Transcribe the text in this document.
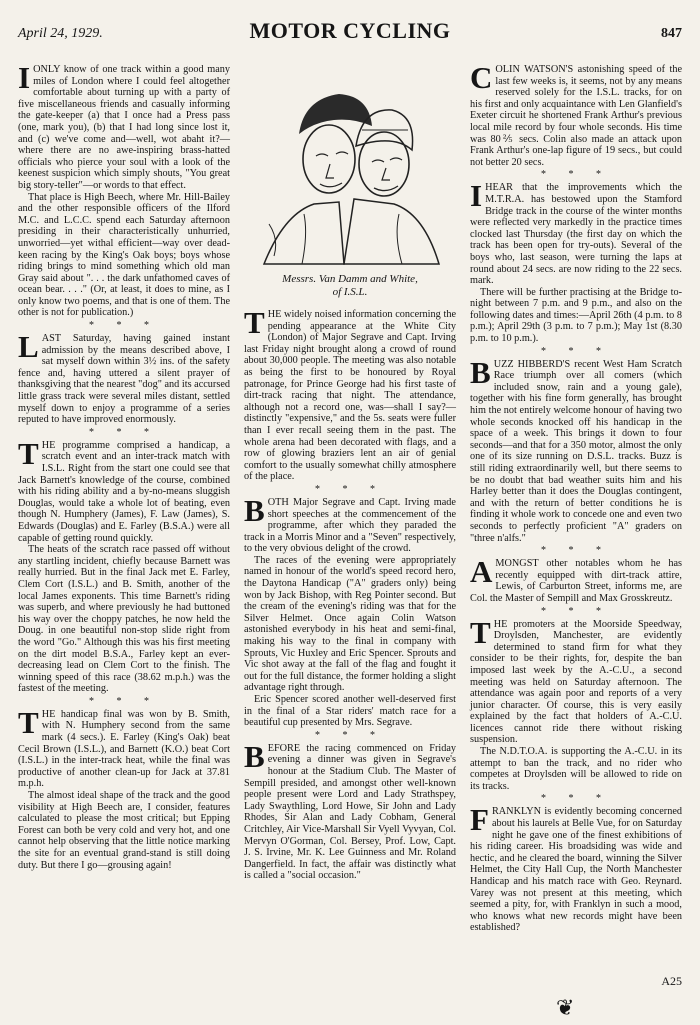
April 24, 1929.	MOTOR CYCLING	847

IONLY know of one track within a good many miles of London where I could feel altogether comfortable about turning up with a party of five miscellaneous friends and casually informing the gate-keeper (a) that I once had a Press pass (one, mark you), (b) that I had long since lost it, and (c) we've come and—well, wot abaht it?—where there are no awe-inspiring brass-hatted officials who pierce your soul with a look of the keenest suspicion which simply shouts, "You great big story-teller"—or words to that effect.

That place is High Beech, where Mr. Hill-Bailey and the other responsible officers of the Ilford M.C. and L.C.C. spend each Saturday afternoon presiding in their characteristically unhurried, unworried—yet withal efficient—way over dead-keen racing by the King's Oak boys; boys whose riding brings to mind something which old man Gray said about ". . . the dark unfathomed caves of ocean bear. . . ." (Or, at least, it does to mine, as I only know two poems, and that is one of them. The other is not for publication.)

* * *

LAST Saturday, having gained instant admission by the means described above, I sat myself down within 3½ ins. of the safety fence and, having uttered a silent prayer of thanksgiving that the nearest "dog" and its accursed little grass track were several miles distant, settled myself down to enjoy a programme of a series reputed to have improved enormously.

* * *

THE programme comprised a handicap, a scratch event and an inter-track match with I.S.L. Right from the start one could see that Jack Barnett's knowledge of the course, combined with his riding ability and a by-no-means sluggish Douglas, would take a whole lot of beating, even though N. Humphery (James), F. Law (James), S. Edwards (Douglas) and E. Farley (B.S.A.) were all capable of getting round quickly.

The heats of the scratch race passed off without any startling incident, chiefly because Barnett was really hurried. But in the final Jack met E. Farley, Clem Cort (I.S.L.) and B. Smith, another of the local James exponents. This time Barnett's riding was superb, and where previously he had buttoned his way over the choppy patches, he now held the Doug. in one beautiful non-stop slide right from the word "Go." Although this was his first meeting on the dirt model B.S.A., Farley kept an ever-decreasing lead on Clem Cort to the finish. The winning speed of this race (38.62 m.p.h.) was the fastest of the meeting.

* * *

THE handicap final was won by B. Smith, with N. Humphery second from the same mark (4 secs.). E. Farley (King's Oak) beat Cecil Brown (I.S.L.), and Barnett (K.O.) beat Cort (I.S.L.) in the inter-track heat, while the final was productive of another clean-up for Jack at 37.81 m.p.h.

The almost ideal shape of the track and the good visibility at High Beech are, I consider, features calculated to please the most critical; but Epping Forest can both be very cold and very hot, and one cannot help observing that the little notice marking the site for an eventual grand-stand is still doing duty. But there I go—grousing again!

Messrs. Van Damm and White,
of I.S.L.

THE widely noised information concerning the pending appearance at the White City (London) of Major Segrave and Capt. Irving last Friday night brought along a crowd of round about 30,000 people. The meeting was also notable as being the first to be honoured by Royal patronage, for Prince George had his first taste of dirt-track racing that night. The attendance, although not a record one, was—shall I say?—distinctly "expensive," and the 5s. seats were fuller than I ever recall seeing them in the past. The whole arena had been decorated with flags, and a row of glowing braziers lent an air of genial comfort to the usually somewhat chilly atmosphere of the place.

* * *

BOTH Major Segrave and Capt. Irving made short speeches at the commencement of the programme, after which they paraded the track in a Morris Minor and a "Seven" respectively, to the very obvious delight of the crowd.

The races of the evening were appropriately named in honour of the world's speed record hero, the Daytona Handicap ("A" graders only) being won by Jack Bishop, with Reg Pointer second. But the cream of the evening's riding was that for the Silver Helmet. Once again Colin Watson astonished everybody in his heat and semi-final, making his way to the final in company with Sprouts, Vic Huxley and Eric Spencer. Sprouts and Vic shot away at the fall of the flag and fought it out for the full distance, the former holding a slight advantage right through.

Eric Spencer scored another well-deserved first in the final of a Star riders' match race for a beautiful cup presented by Mrs. Segrave.

* * *

BEFORE the racing commenced on Friday evening a dinner was given in Segrave's honour at the Stadium Club. The Master of Sempill presided, and amongst other well-known people present were Lord and Lady Strathspey, Lady Swaythling, Lord Howe, Sir John and Lady Rhodes, Sir Alan and Lady Cobham, General Critchley, Air Vice-Marshall Sir Vyell Vyvyan, Col. Mervyn O'Gorman, Col. Bersey, Prof. Low, Capt. J. S. Irvine, Mr. K. Lee Guinness and Mr. Roland Dangerfield. In fact, the affair was distinctly what is called a "social occasion."

COLIN WATSON'S astonishing speed of the last few weeks is, it seems, not by any means reserved solely for the I.S.L. tracks, for on his first and only acquaintance with Len Glanfield's Exeter circuit he shortened Frank Arthur's previous local mile record by four whole seconds. His time was 80⅖ secs. Colin also made an attack upon Frank Arthur's one-lap figure of 19 secs., but could not better 20 secs.

* * *

IHEAR that the improvements which the M.T.R.A. has bestowed upon the Stamford Bridge track in the course of the winter months were reflected very markedly in the practice times clocked last Thursday (the first day on which the track has been open for try-outs). Several of the boys who, last season, were turning the laps at round about 24 secs. are now riding to the 22 secs. mark.

There will be further practising at the Bridge to-night between 7 p.m. and 9 p.m., and also on the following dates and times:—April 26th (4 p.m. to 8 p.m.); April 29th (3 p.m. to 7 p.m.); May 1st (8.30 p.m. to 10 p.m.).

* * *

BUZZ HIBBERD'S recent West Ham Scratch Race triumph over all comers (which included snow, rain and a young gale), together with his fine form generally, has brought him the not entirely welcome honour of having two whole seconds knocked off his handicap in the space of a week. This brings it down to four seconds—and that for a 350 motor, almost the only one of its size running on D.S.L. tracks. Buzz is still riding extraordinarily well, but there seems to be no doubt that bad weather suits him and his Harley better than it does the Douglas contingent, and with the return of better conditions he is finding it whole work to concede one and even two seconds to perfectly proficient "A" graders on "three n'alfs."

* * *

AMONGST other notables whom he has recently equipped with dirt-track attire, Lewis, of Carburton Street, informs me, are Col. the Master of Sempill and Max Grosskreutz.

* * *

THE promoters at the Moorside Speedway, Droylsden, Manchester, are evidently determined to stand firm for what they consider to be their rights, for, despite the ban imposed last week by the A.-C.U., a second meeting was held on Saturday afternoon. The attendance was again poor and reports of a very junior character. Of course, this is very easily explained by the fact that holders of A.-C.U. licences cannot ride there without risking suspension.

The N.D.T.O.A. is supporting the A.-C.U. in its attempt to ban the track, and no rider who competes at Droylsden will be allowed to ride on its tracks.

* * *

FRANKLYN is evidently becoming concerned about his laurels at Belle Vue, for on Saturday night he gave one of the finest exhibitions of his riding career. His broadsiding was wide and hectic, and he cleared the board, winning the Silver Helmet, the City Hall Cup, the North Manchester Handicap and his match race with Geo. Reynard. Varey was not present at this meeting, which seemed a pity, for, with Franklyn in such a mood, who knows what new records might have been established?

A25
❦
